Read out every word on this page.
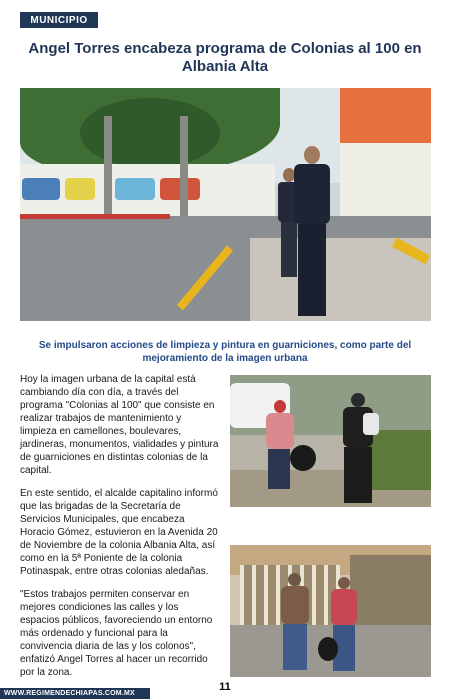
MUNICIPIO
Angel Torres encabeza programa de Colonias al 100 en Albania Alta

Se impulsaron acciones de limpieza y pintura en guarniciones, como parte del mejoramiento de la imagen urbana

Hoy la imagen urbana de la capital está cambiando día con día, a través del programa "Colonias al 100" que consiste en realizar trabajos de mantenimiento y limpieza en camellones, boulevares, jardineras, monumentos, vialidades y pintura de guarniciones en distintas colonias de la capital.

En este sentido, el alcalde capitalino informó que las brigadas de la Secretaría de Servicios Municipales, que encabeza Horacio Gómez, estuvieron en la Avenida 20 de Noviembre de la colonia Albania Alta, así como en la 5ª Poniente de la colonia Potinaspak, entre otras colonias aledañas.

"Estos trabajos permiten conservar en mejores condiciones las calles y los espacios públicos, favoreciendo un entorno más ordenado y funcional para la convivencia diaria de las y los colonos", enfatizó Angel Torres al hacer un recorrido por la zona.

WWW.REGIMENDECHIAPAS.COM.MX
11
